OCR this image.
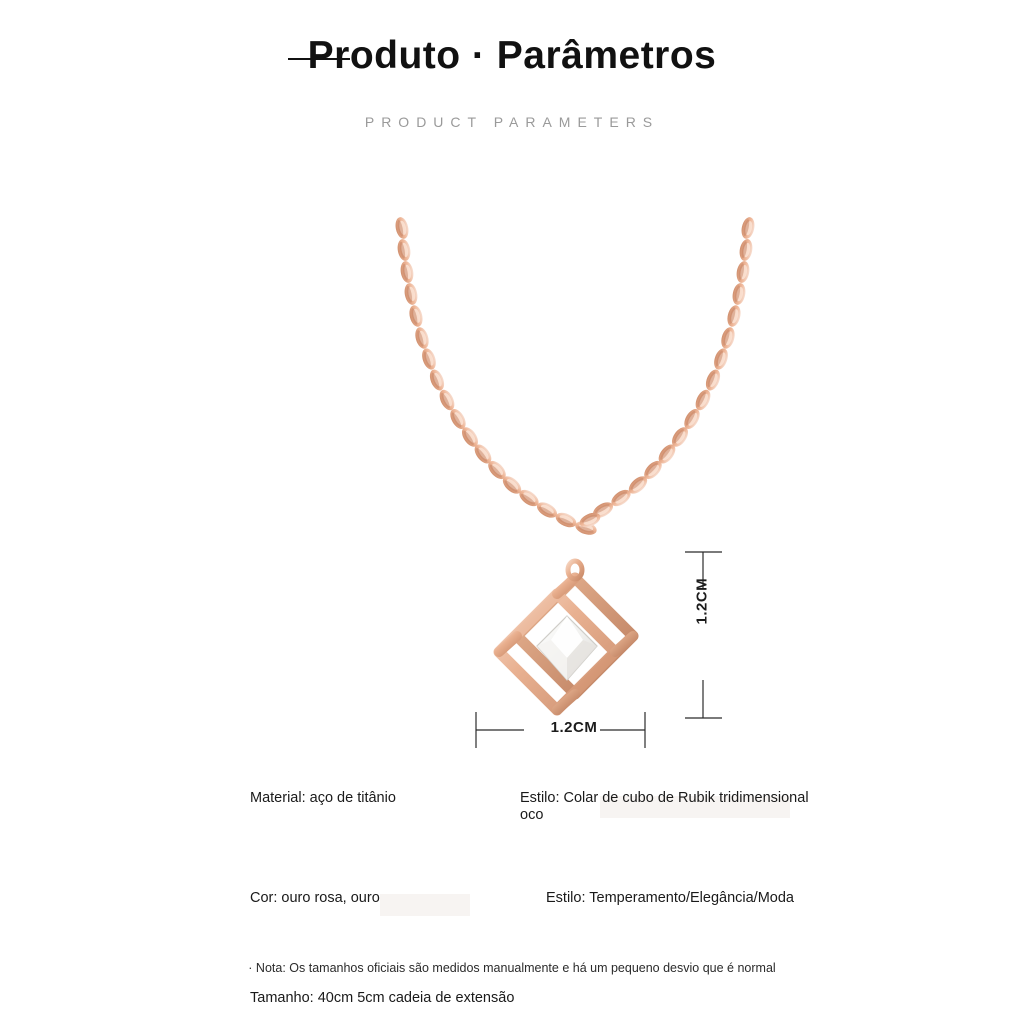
Produto · Parâmetros
PRODUCT PARAMETERS
1.2CM
1.2CM
Material: aço de titânio	Estilo: Colar de cubo de Rubik tridimensional oco
Cor: ouro rosa, ouro	Estilo: Temperamento/Elegância/Moda
Tamanho: 40cm 5cm cadeia de extensão
· Nota: Os tamanhos oficiais são medidos manualmente e há um pequeno desvio que é normal
